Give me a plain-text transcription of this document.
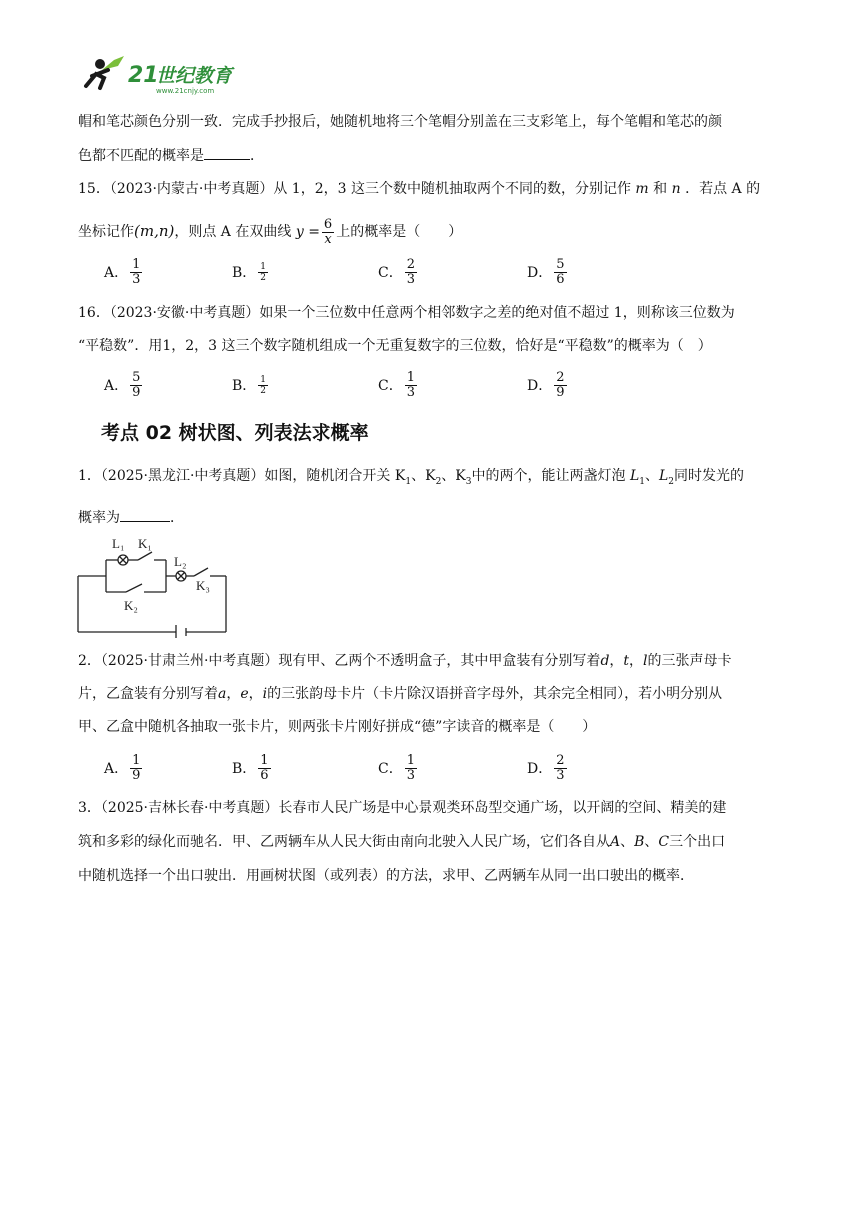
21
世纪教育
www.21cnjy.com
帽和笔芯颜色分别一致．完成手抄报后，她随机地将三个笔帽分别盖在三支彩笔上，每个笔帽和笔芯的颜
色都不匹配的概率是	．
15．（2023·内蒙古·中考真题）从 1，2，3 这三个数中随机抽取两个不同的数，分别记作 m 和 n ．若点 A 的
坐标记作(m,n)，则点 A 在双曲线 $y = \frac{6}{x}$ 上的概率是（　　）
A． $\frac{1}{3}$	B． $\frac{1}{2}$	C． $\frac{2}{3}$	D． $\frac{5}{6}$
16．（2023·安徽·中考真题）如果一个三位数中任意两个相邻数字之差的绝对值不超过 1，则称该三位数为
“平稳数”．用1，2，3 这三个数字随机组成一个无重复数字的三位数，恰好是“平稳数”的概率为（　）
A． $\frac{5}{9}$	B． $\frac{1}{2}$	C． $\frac{1}{3}$	D． $\frac{2}{9}$
考点 02 树状图、列表法求概率
1．（2025·黑龙江·中考真题）如图，随机闭合开关 $K_1$、$K_2$、$K_3$中的两个，能让两盏灯泡 $L_1$、$L_2$同时发光的
概率为	．
L₁ K₁
L₂
K₃
K₂
2．（2025·甘肃兰州·中考真题）现有甲、乙两个不透明盒子，其中甲盒装有分别写着d，t，l的三张声母卡
片，乙盒装有分别写着a，e，i的三张韵母卡片（卡片除汉语拼音字母外，其余完全相同），若小明分别从
甲、乙盒中随机各抽取一张卡片，则两张卡片刚好拼成“德”字读音的概率是（　　）
A． $\frac{1}{9}$	B． $\frac{1}{6}$	C． $\frac{1}{3}$	D． $\frac{2}{3}$
3．（2025·吉林长春·中考真题）长春市人民广场是中心景观类环岛型交通广场，以开阔的空间、精美的建
筑和多彩的绿化而驰名．甲、乙两辆车从人民大街由南向北驶入人民广场，它们各自从A、B、C三个出口
中随机选择一个出口驶出．用画树状图（或列表）的方法，求甲、乙两辆车从同一出口驶出的概率．
